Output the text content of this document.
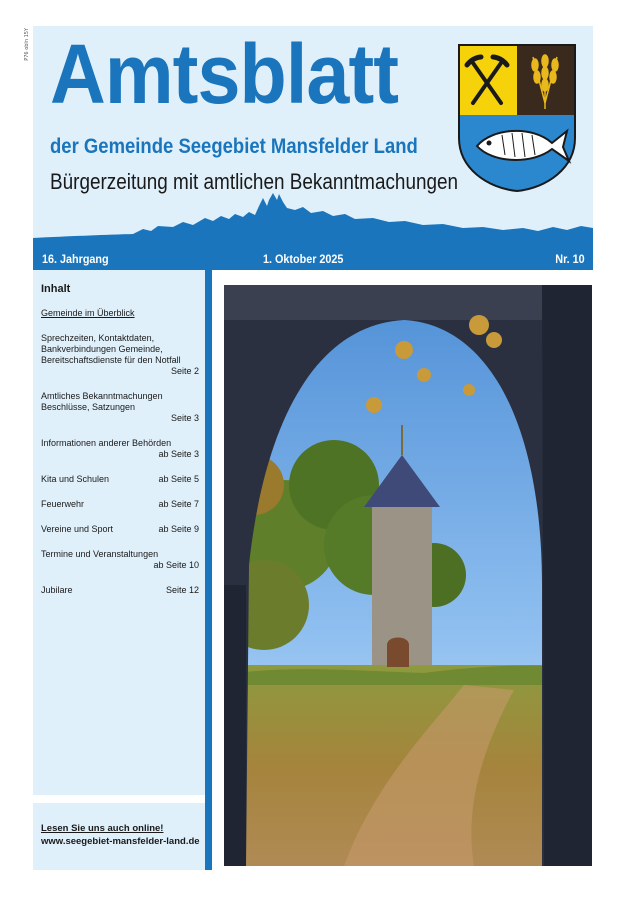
P76 obln 15Y Amtsblatt
der Gemeinde Seegebiet Mansfelder Land
Bürgerzeitung mit amtlichen Bekanntmachungen
16. Jahrgang	1. Oktober 2025	Nr. 10
Inhalt
Gemeinde im Überblick
Sprechzeiten, Kontaktdaten, Bankverbindungen Gemeinde, Bereitschaftsdienste für den Notfall
Seite 2
Amtliches Bekanntmachungen Beschlüsse, Satzungen
Seite 3
Informationen anderer Behörden
ab Seite 3
Kita und Schulen	ab Seite 5
Feuerwehr	ab Seite 7
Vereine und Sport	ab Seite 9
Termine und Veranstaltungen
ab Seite 10
Jubilare	Seite 12
Lesen Sie uns auch online!
www.seegebiet-mansfelder-land.de
